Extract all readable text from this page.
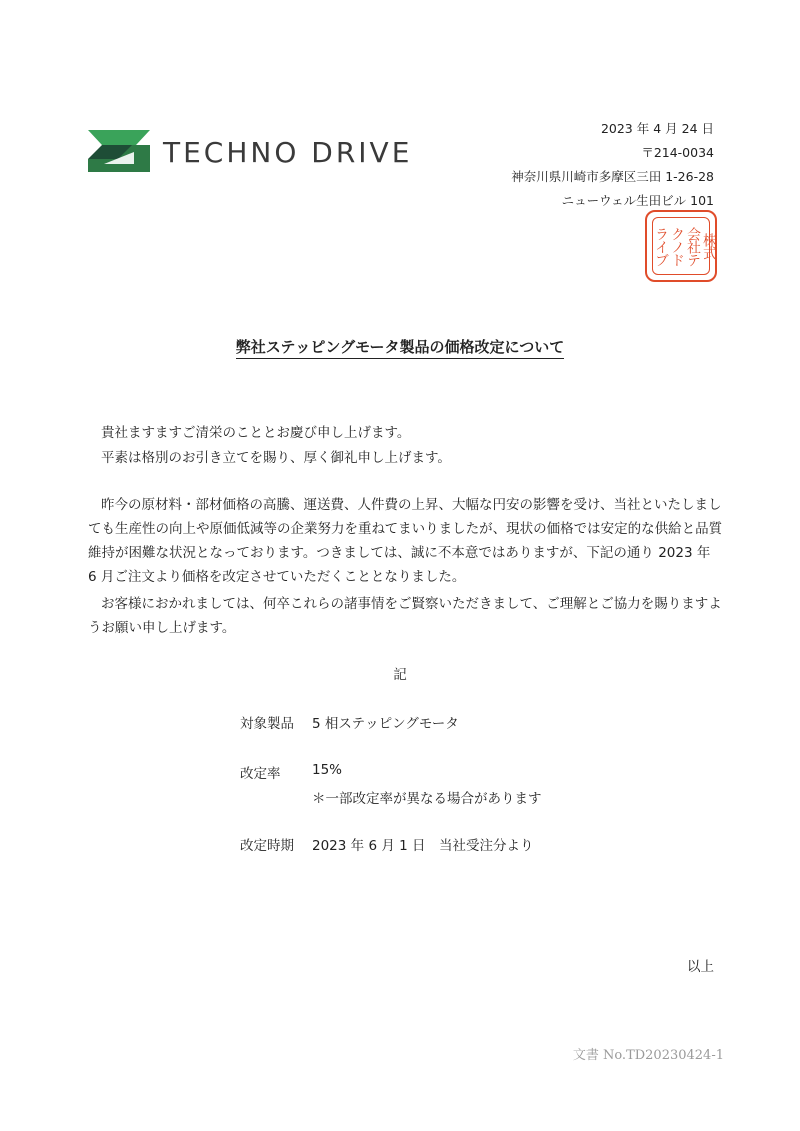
TECHNO DRIVE
2023 年 4 月 24 日
〒214-0034
神奈川県川崎市多摩区三田 1-26-28
ニューウェル生田ビル 101
株式
会社テ
クノド
ライブ
弊社ステッピングモータ製品の価格改定について

貴社ますますご清栄のこととお慶び申し上げます。

平素は格別のお引き立てを賜り、厚く御礼申し上げます。

昨今の原材料・部材価格の高騰、運送費、人件費の上昇、大幅な円安の影響を受け、当社といたしましても生産性の向上や原価低減等の企業努力を重ねてまいりましたが、現状の価格では安定的な供給と品質維持が困難な状況となっております。つきましては、誠に不本意ではありますが、下記の通り 2023 年 6 月ご注文より価格を改定させていただくこととなりました。

お客様におかれましては、何卒これらの諸事情をご賢察いただきまして、ご理解とご協力を賜りますようお願い申し上げます。

記
対象製品 5 相ステッピングモータ
改定率 15%
＊一部改定率が異なる場合があります
改定時期 2023 年 6 月 1 日　当社受注分より
以上
文書 No.TD20230424-1
